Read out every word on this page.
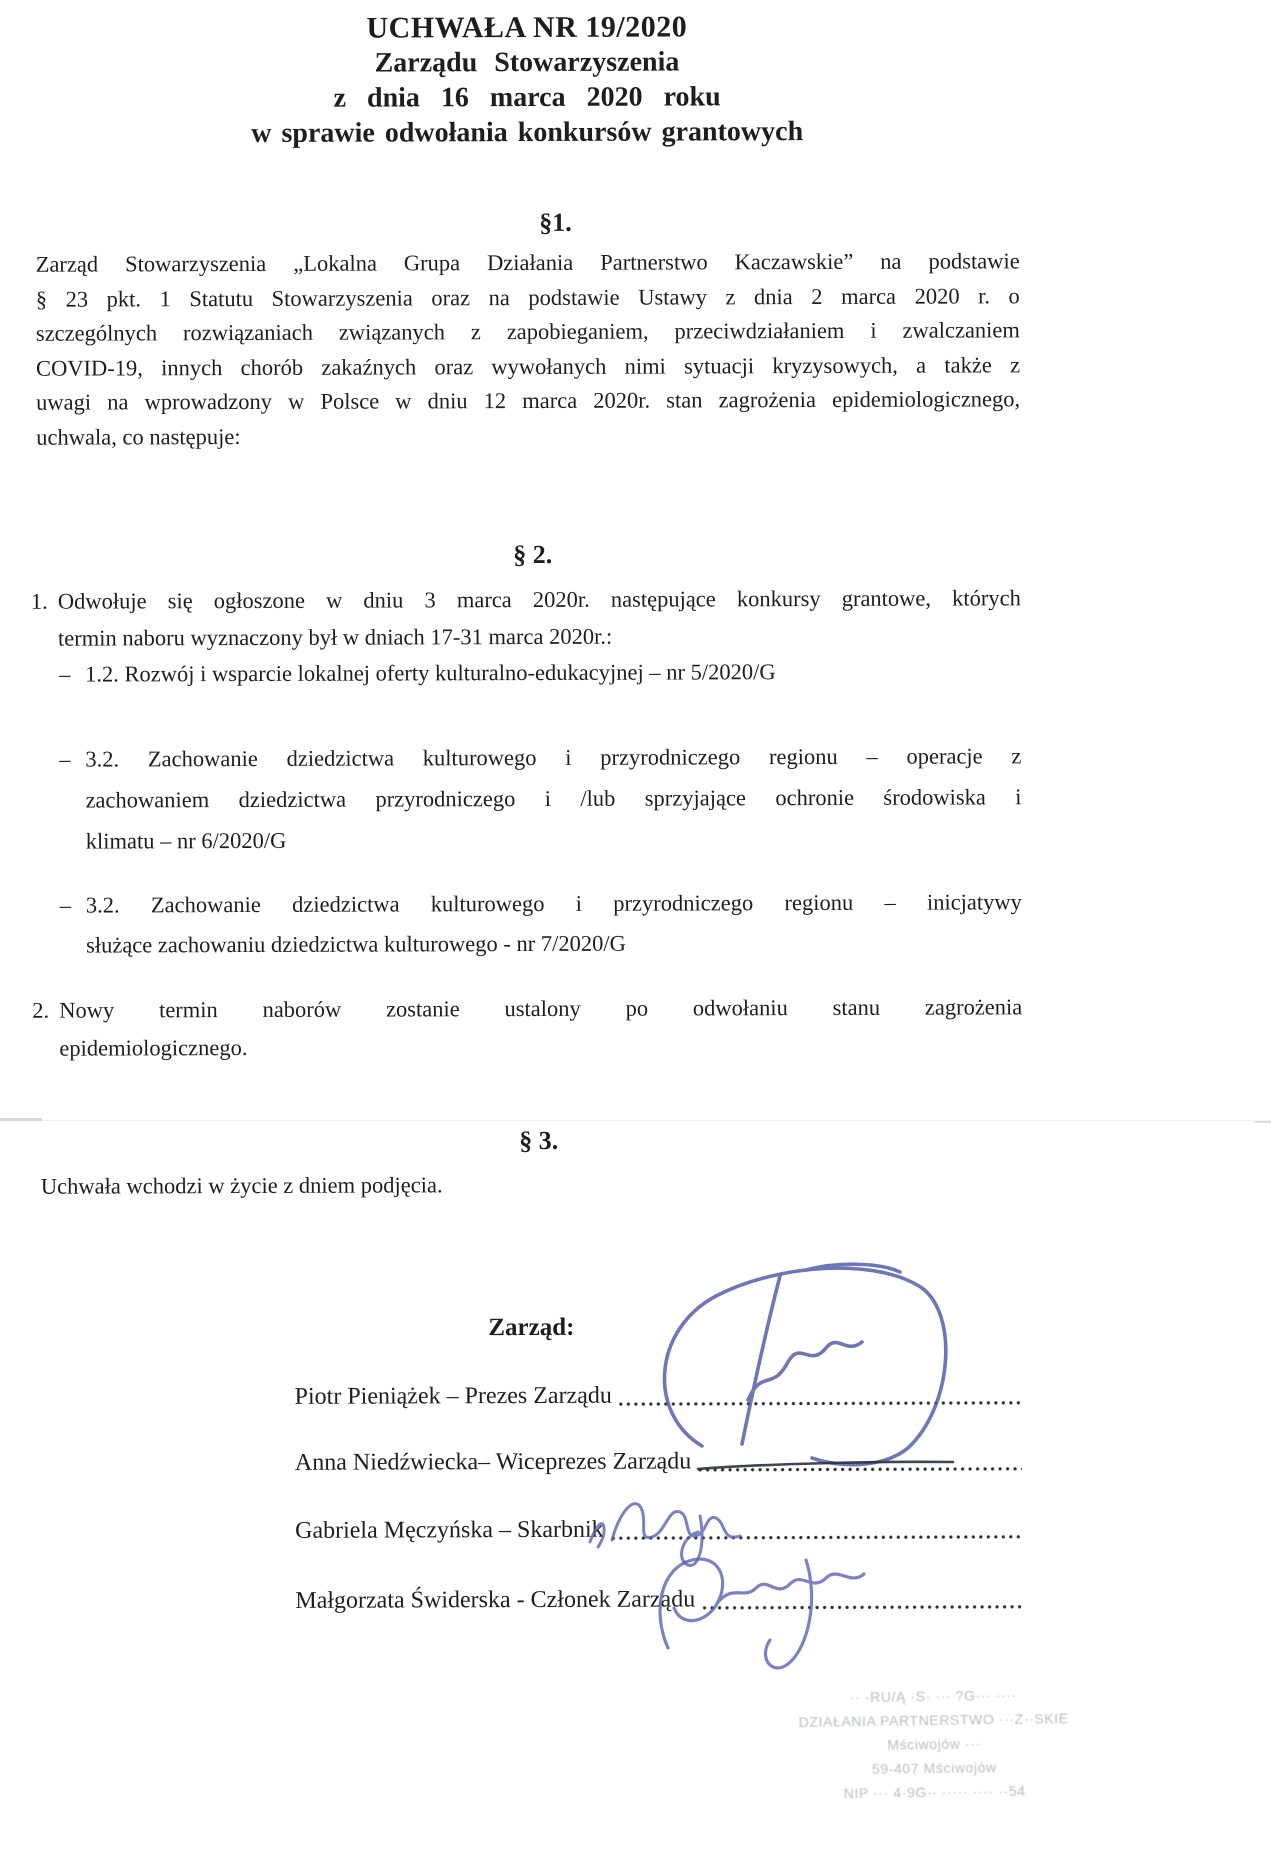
UCHWAŁA NR 19/2020
Zarządu Stowarzyszenia
z dnia 16 marca 2020 roku
w sprawie odwołania konkursów grantowych
§1.
Zarząd Stowarzyszenia „Lokalna Grupa Działania Partnerstwo Kaczawskie” na podstawie
§ 23 pkt. 1 Statutu Stowarzyszenia oraz na podstawie Ustawy z dnia 2 marca 2020 r. o
szczególnych rozwiązaniach związanych z zapobieganiem, przeciwdziałaniem i zwalczaniem
COVID-19, innych chorób zakaźnych oraz wywołanych nimi sytuacji kryzysowych, a także z
uwagi na wprowadzony w Polsce w dniu 12 marca 2020r. stan zagrożenia epidemiologicznego,
uchwala, co następuje:
§ 2.
1. Odwołuje się ogłoszone w dniu 3 marca 2020r. następujące konkursy grantowe, których
termin naboru wyznaczony był w dniach 17-31 marca 2020r.:
– 1.2. Rozwój i wsparcie lokalnej oferty kulturalno-edukacyjnej – nr 5/2020/G
– 3.2. Zachowanie dziedzictwa kulturowego i przyrodniczego regionu – operacje z
zachowaniem dziedzictwa przyrodniczego i /lub sprzyjające ochronie środowiska i
klimatu – nr 6/2020/G
– 3.2. Zachowanie dziedzictwa kulturowego i przyrodniczego regionu – inicjatywy
służące zachowaniu dziedzictwa kulturowego - nr 7/2020/G
2. Nowy termin naborów zostanie ustalony po odwołaniu stanu zagrożenia
epidemiologicznego.
§ 3.
Uchwała wchodzi w życie z dniem podjęcia.
Zarząd:
Piotr Pieniążek – Prezes Zarządu
Anna Niedźwiecka– Wiceprezes Zarządu
Gabriela Męczyńska – Skarbnik
Małgorzata Świderska - Członek Zarządu
·· ·RU/Ą ·S· ··· ?G··· ····
DZIAŁANIA PARTNERSTWO ···Z··SKIE
Mściwojów ···
59-407 Mściwojów
NIP ··· 4·9G·· ····· ···· ··54
